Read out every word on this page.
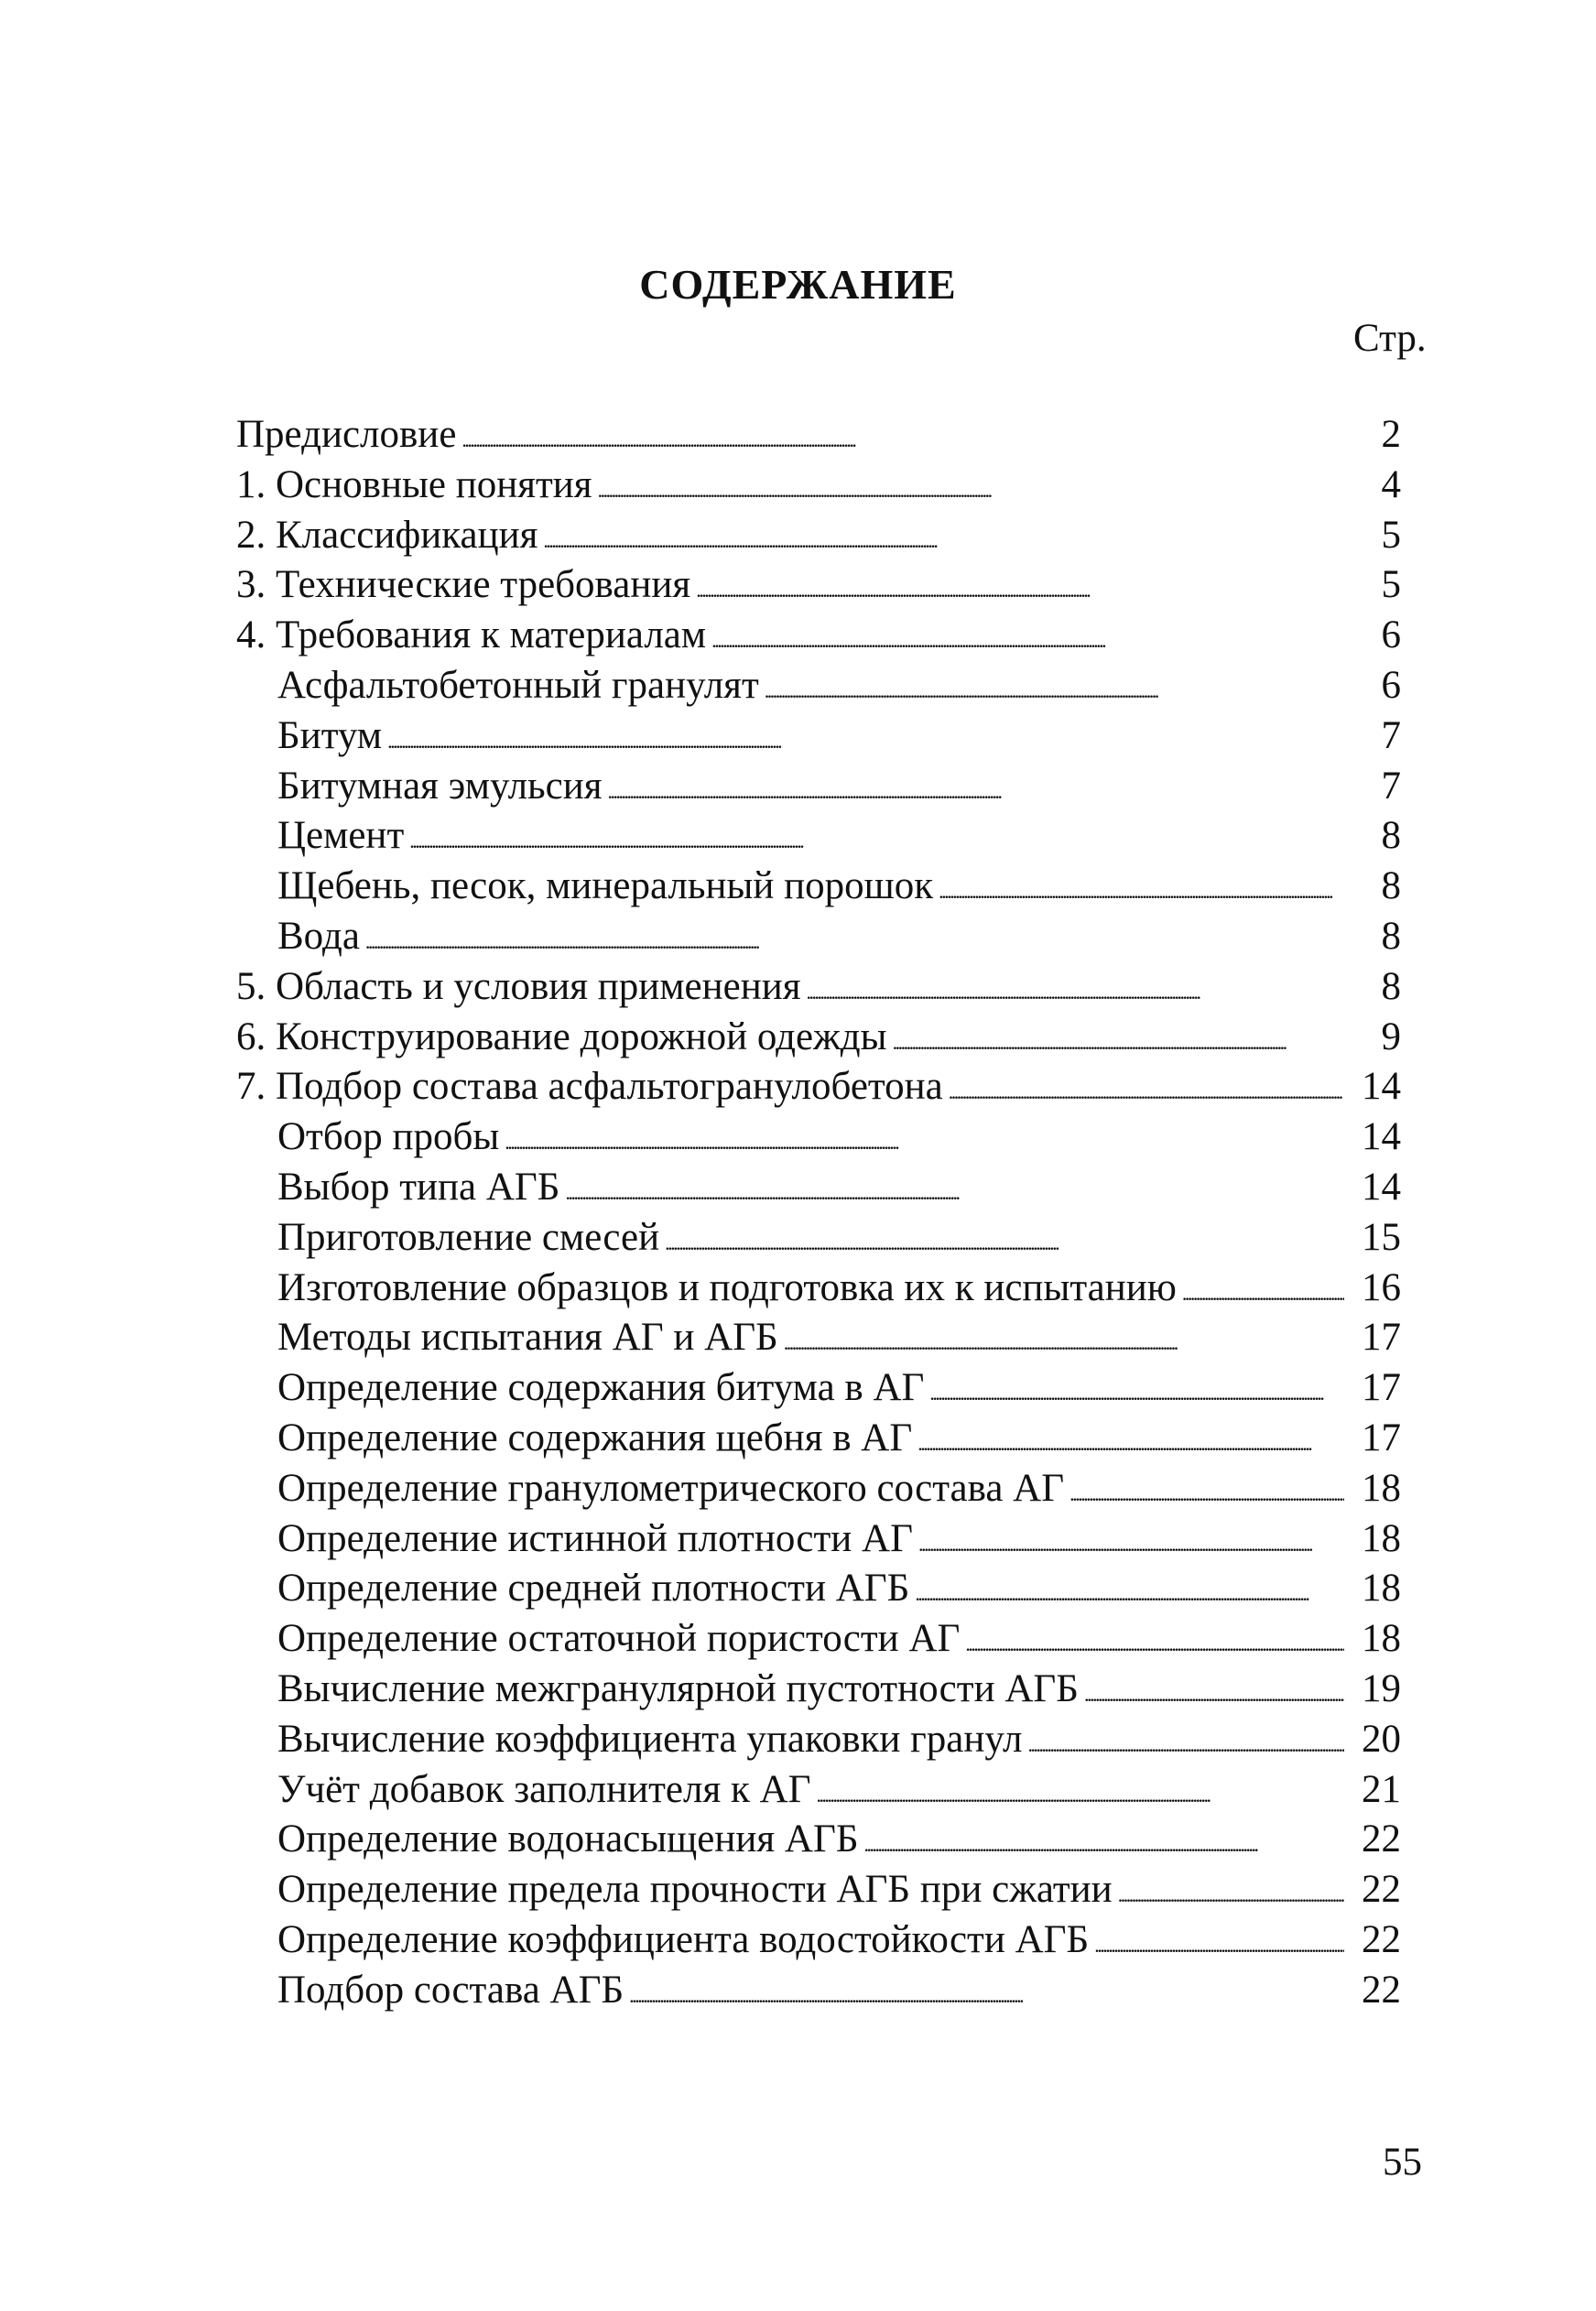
СОДЕРЖАНИЕ
Стр.
Предисловие . . .	2
1. Основные понятия . . .	4
2. Классификация . . .	5
3. Технические требования . . .	5
4. Требования к материалам . . .	6
Асфальтобетонный гранулят . . .	6
Битум . . .	7
Битумная эмульсия . . .	7
Цемент . . .	8
Щебень, песок, минеральный порошок . . .	8
Вода . . .	8
5. Область и условия применения . . .	8
6. Конструирование дорожной одежды . . .	9
7. Подбор состава асфальтогранулобетона . . .	14
Отбор пробы . . .	14
Выбор типа АГБ . . .	14
Приготовление смесей . . .	15
Изготовление образцов и подготовка их к испытанию . . .	16
Методы испытания АГ и АГБ . . .	17
Определение содержания битума в АГ . . .	17
Определение содержания щебня в АГ . . .	17
Определение гранулометрического состава АГ . . .	18
Определение истинной плотности АГ . . .	18
Определение средней плотности АГБ . . .	18
Определение остаточной пористости АГ . . .	18
Вычисление межгранулярной пустотности АГБ . . .	19
Вычисление коэффициента упаковки гранул . . .	20
Учёт добавок заполнителя к АГ . . .	21
Определение водонасыщения АГБ . . .	22
Определение предела прочности АГБ при сжатии . . .	22
Определение коэффициента водостойкости АГБ . . .	22
Подбор состава АГБ . . .	22
55
